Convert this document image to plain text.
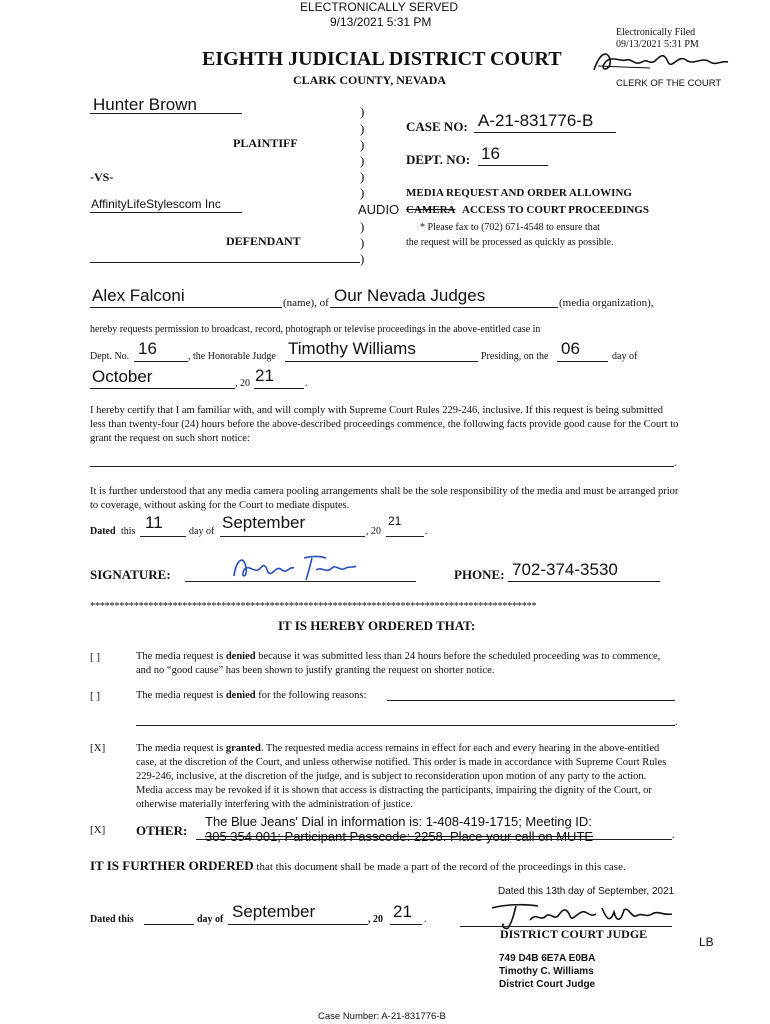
ELECTRONICALLY SERVED
9/13/2021 5:31 PM
Electronically Filed
09/13/2021 5:31 PM
CLERK OF THE COURT
EIGHTH JUDICIAL DISTRICT COURT
CLARK COUNTY, NEVADA
Hunter Brown
PLAINTIFF
-VS-
AffinityLifeStylescom Inc
DEFENDANT
)
)
)
)
)
)
)
)
)
CASE NO: A-21-831776-B
DEPT. NO: 16
MEDIA REQUEST AND ORDER ALLOWING
AUDIO CAMERA ACCESS TO COURT PROCEEDINGS
* Please fax to (702) 671-4548 to ensure that
the request will be processed as quickly as possible.
Alex Falconi	(name), of Our Nevada Judges	(media organization),
hereby requests permission to broadcast, record, photograph or televise proceedings in the above-entitled case in
Dept. No. 16	, the Honorable Judge Timothy Williams	Presiding, on the 06	day of
October	, 20 21	.
I hereby certify that I am familiar with, and will comply with Supreme Court Rules 229-246, inclusive. If this request is being submitted less than twenty-four (24) hours before the above-described proceedings commence, the following facts provide good cause for the Court to grant the request on such short notice:
.
It is further understood that any media camera pooling arrangements shall be the sole responsibility of the media and must be arranged prior to coverage, without asking for the Court to mediate disputes.
Dated this 11	day of September	, 20
21
.
SIGNATURE:	PHONE: 702-374-3530
********************************************************************************************
IT IS HEREBY ORDERED THAT:
[ ]	The media request is denied because it was submitted less than 24 hours before the scheduled proceeding was to commence, and no “good cause” has been shown to justify granting the request on shorter notice.
[ ]	The media request is denied for the following reasons:
.
[X]	The media request is granted. The requested media access remains in effect for each and every hearing in the above-entitled case, at the discretion of the Court, and unless otherwise notified. This order is made in accordance with Supreme Court Rules 229-246, inclusive, at the discretion of the judge, and is subject to reconsideration upon motion of any party to the action. Media access may be revoked if it is shown that access is distracting the participants, impairing the dignity of the Court, or otherwise materially interfering with the administration of justice.
[X] OTHER:
The Blue Jeans' Dial in information is: 1-408-419-1715; Meeting ID:
305 354 001; Participant Passcode: 2258. Place your call on MUTE	.
IT IS FURTHER ORDERED that this document shall be made a part of the record of the proceedings in this case.
Dated this 13th day of September, 2021
Dated this	day of September	, 20 21 .
DISTRICT COURT JUDGE
LB
749 D4B 6E7A E0BA
Timothy C. Williams
District Court Judge
Case Number: A-21-831776-B
